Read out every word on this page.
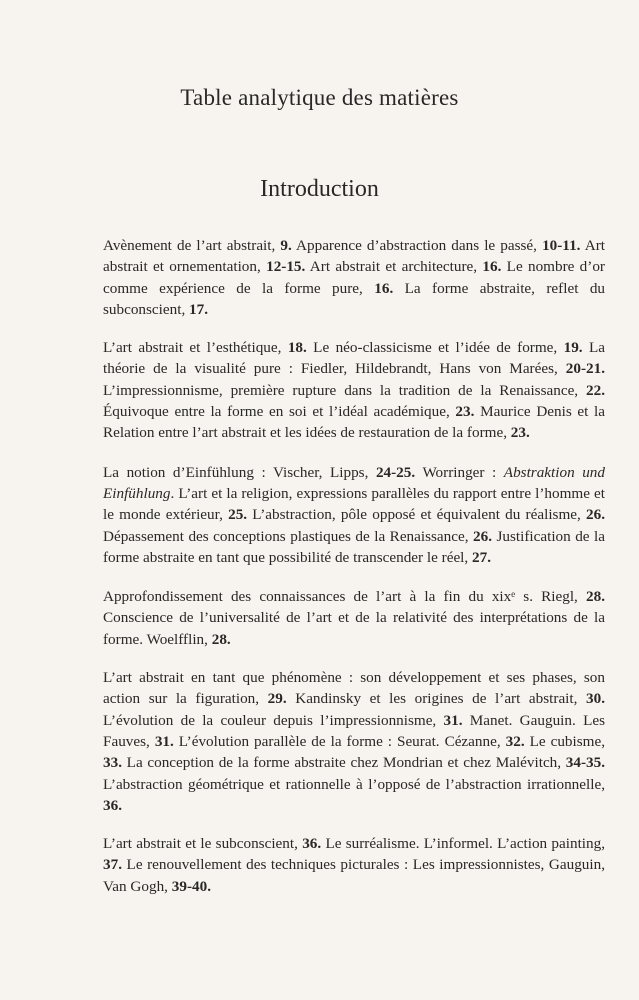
Table analytique des matières
Introduction

Avènement de l’art abstrait, 9. Apparence d’abstraction dans le passé, 10-11. Art abstrait et ornementation, 12-15. Art abstrait et architecture, 16. Le nombre d’or comme expérience de la forme pure, 16. La forme abstraite, reflet du subconscient, 17.

L’art abstrait et l’esthétique, 18. Le néo-classicisme et l’idée de forme, 19. La théorie de la visualité pure : Fiedler, Hildebrandt, Hans von Marées, 20-21. L’impressionnisme, première rupture dans la tradition de la Renaissance, 22. Équivoque entre la forme en soi et l’idéal académique, 23. Maurice Denis et la Relation entre l’art abstrait et les idées de restauration de la forme, 23.

La notion d’Einfühlung : Vischer, Lipps, 24-25. Worringer : Abstraktion und Einfühlung. L’art et la religion, expressions parallèles du rapport entre l’homme et le monde extérieur, 25. L’abstraction, pôle opposé et équivalent du réalisme, 26. Dépassement des conceptions plastiques de la Renaissance, 26. Justification de la forme abstraite en tant que possibilité de transcender le réel, 27.

Approfondissement des connaissances de l’art à la fin du xixᵉ s. Riegl, 28. Conscience de l’universalité de l’art et de la relativité des interprétations de la forme. Woelfflin, 28.

L’art abstrait en tant que phénomène : son développement et ses phases, son action sur la figuration, 29. Kandinsky et les origines de l’art abstrait, 30. L’évolution de la couleur depuis l’impressionnisme, 31. Manet. Gauguin. Les Fauves, 31. L’évolution parallèle de la forme : Seurat. Cézanne, 32. Le cubisme, 33. La conception de la forme abstraite chez Mondrian et chez Malévitch, 34-35. L’abstraction géométrique et rationnelle à l’opposé de l’abstraction irrationnelle, 36.

L’art abstrait et le subconscient, 36. Le surréalisme. L’informel. L’action painting, 37. Le renouvellement des techniques picturales : Les impressionnistes, Gauguin, Van Gogh, 39-40.
